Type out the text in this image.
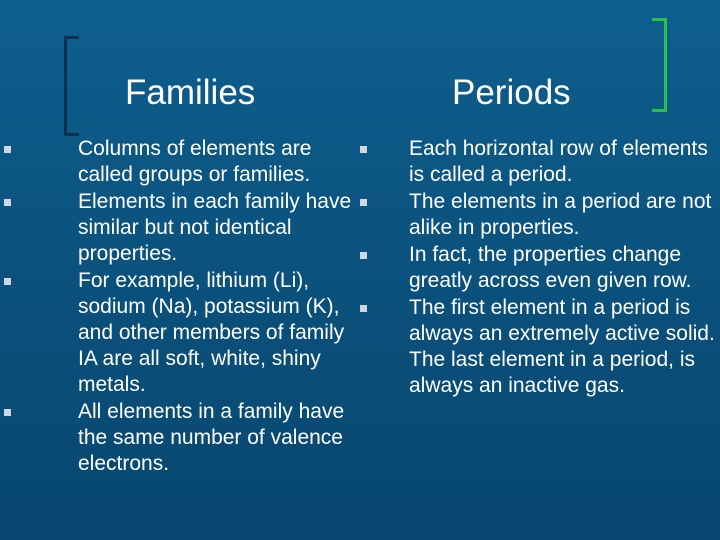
Families	Periods
Columns of elements are called groups or families.
Elements in each family have similar but not identical properties.
For example, lithium (Li), sodium (Na), potassium (K), and other members of family IA are all soft, white, shiny metals.
All elements in a family have the same number of valence electrons.
Each horizontal row of elements is called a period.
The elements in a period are not alike in properties.
In fact, the properties change greatly across even given row.
The first element in a period is always an extremely active solid. The last element in a period, is always an inactive gas.
